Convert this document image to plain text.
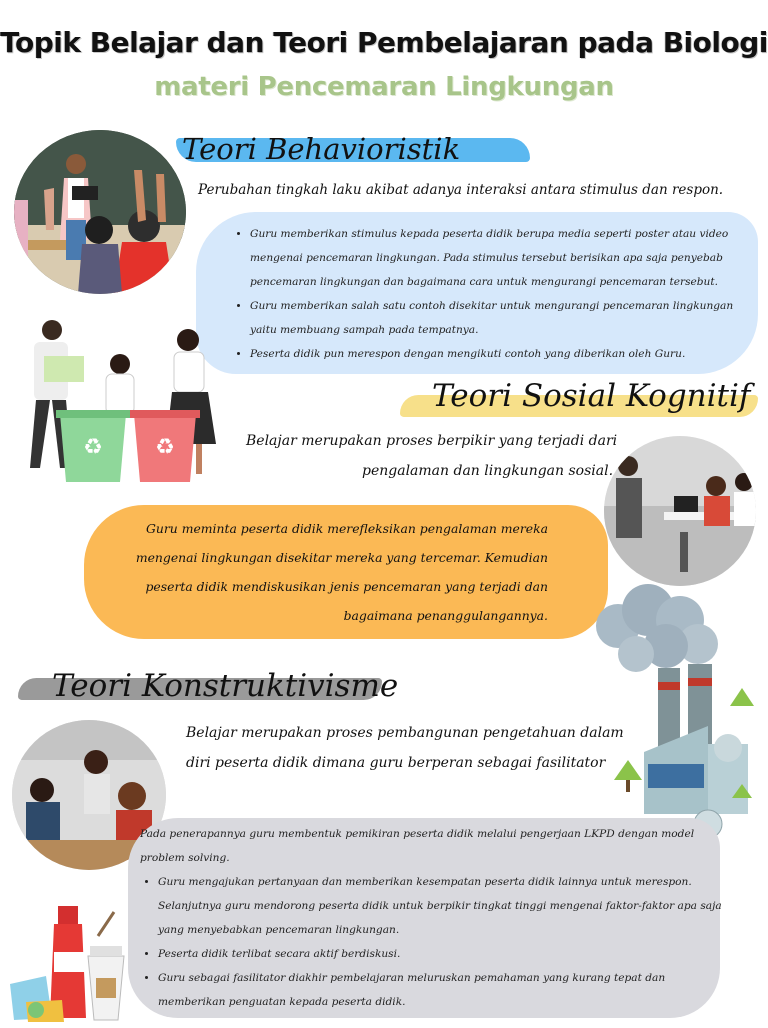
Topik Belajar dan Teori Pembelajaran pada Biologi
materi Pencemaran Lingkungan
Teori Behavioristik
Perubahan tingkah laku akibat adanya interaksi antara stimulus dan respon.
• Guru memberikan stimulus kepada peserta didik berupa media seperti poster atau video mengenai pencemaran lingkungan. Pada stimulus tersebut berisikan apa saja penyebab pencemaran lingkungan dan bagaimana cara untuk mengurangi pencemaran tersebut.
• Guru memberikan salah satu contoh disekitar untuk mengurangi pencemaran lingkungan yaitu membuang sampah pada tempatnya.
• Peserta didik pun merespon dengan mengikuti contoh yang diberikan oleh Guru.
♻ ♻
Teori Sosial Kognitif
Belajar merupakan proses berpikir yang terjadi dari
pengalaman dan lingkungan sosial.
Guru meminta peserta didik merefleksikan pengalaman mereka mengenai lingkungan disekitar mereka yang tercemar. Kemudian peserta didik mendiskusikan jenis pencemaran yang terjadi dan bagaimana penanggulangannya.
Teori Konstruktivisme
Belajar merupakan proses pembangunan pengetahuan dalam
diri peserta didik dimana guru berperan sebagai fasilitator
Pada penerapannya guru membentuk pemikiran peserta didik melalui pengerjaan LKPD dengan model problem solving.
• Guru mengajukan pertanyaan dan memberikan kesempatan peserta didik lainnya untuk merespon. Selanjutnya guru mendorong peserta didik untuk berpikir tingkat tinggi mengenai faktor-faktor apa saja yang menyebabkan pencemaran lingkungan.
• Peserta didik terlibat secara aktif berdiskusi.
• Guru sebagai fasilitator diakhir pembelajaran meluruskan pemahaman yang kurang tepat dan memberikan penguatan kepada peserta didik.
